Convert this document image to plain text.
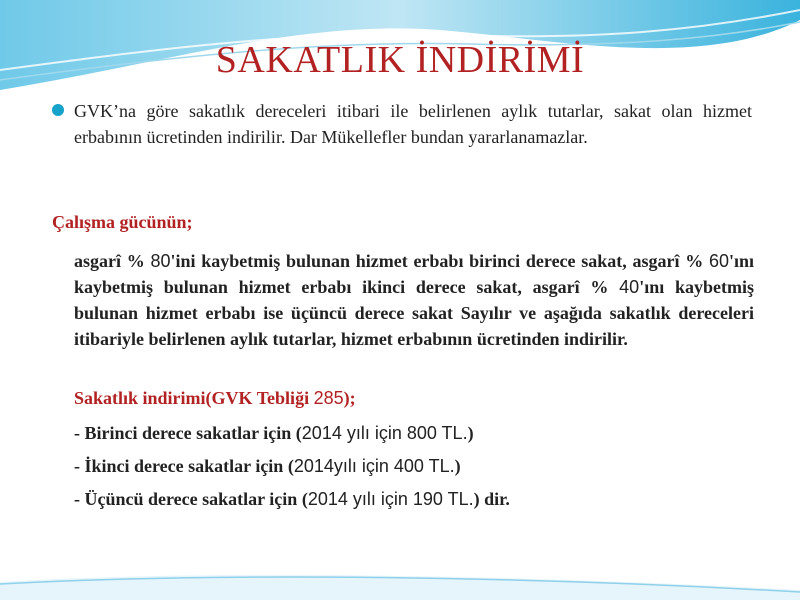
SAKATLIK İNDİRİMİ
GVK’na göre sakatlık dereceleri itibari ile belirlenen aylık tutarlar, sakat olan hizmet erbabının ücretinden indirilir. Dar Mükellefler bundan yararlanamazlar.
Çalışma gücünün;
asgarî % 80'ini kaybetmiş bulunan hizmet erbabı birinci derece sakat, asgarî % 60'ını kaybetmiş bulunan hizmet erbabı ikinci derece sakat, asgarî % 40'ını kaybetmiş bulunan hizmet erbabı ise üçüncü derece sakat Sayılır ve aşağıda sakatlık dereceleri itibariyle belirlenen aylık tutarlar, hizmet erbabının ücretinden indirilir.
Sakatlık indirimi(GVK Tebliği 285);
- Birinci derece sakatlar için (2014 yılı için 800 TL.)
- İkinci derece sakatlar için (2014yılı için 400 TL.)
- Üçüncü derece sakatlar için (2014 yılı için 190 TL.) dir.
